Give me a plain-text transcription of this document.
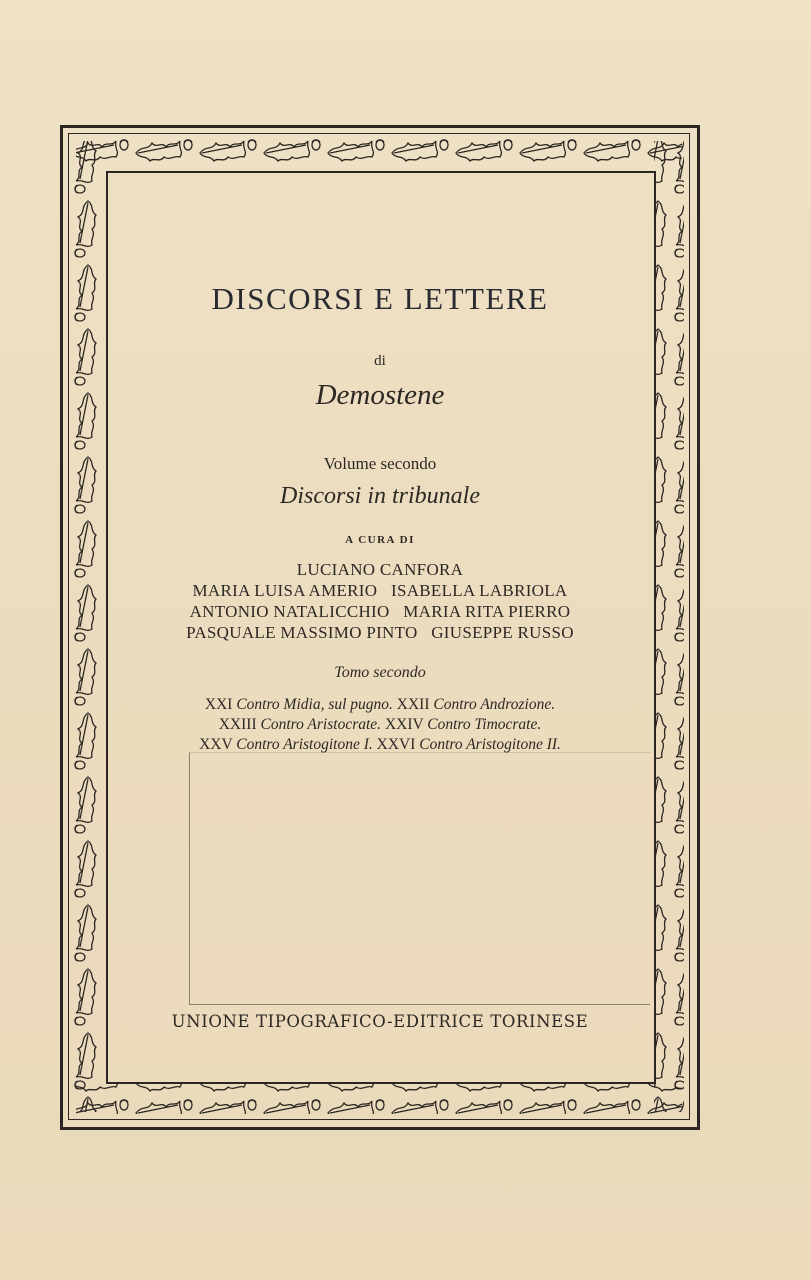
DISCORSI E LETTERE
di
Demostene
Volume secondo
Discorsi in tribunale
A CURA DI
LUCIANO CANFORA
MARIA LUISA AMERIO   ISABELLA LABRIOLA
ANTONIO NATALICCHIO   MARIA RITA PIERRO
PASQUALE MASSIMO PINTO   GIUSEPPE RUSSO
Tomo secondo
XXI Contro Midia, sul pugno. XXII Contro Androzione.
XXIII Contro Aristocrate. XXIV Contro Timocrate.
XXV Contro Aristogitone I. XXVI Contro Aristogitone II.
UNIONE TIPOGRAFICO-EDITRICE TORINESE
